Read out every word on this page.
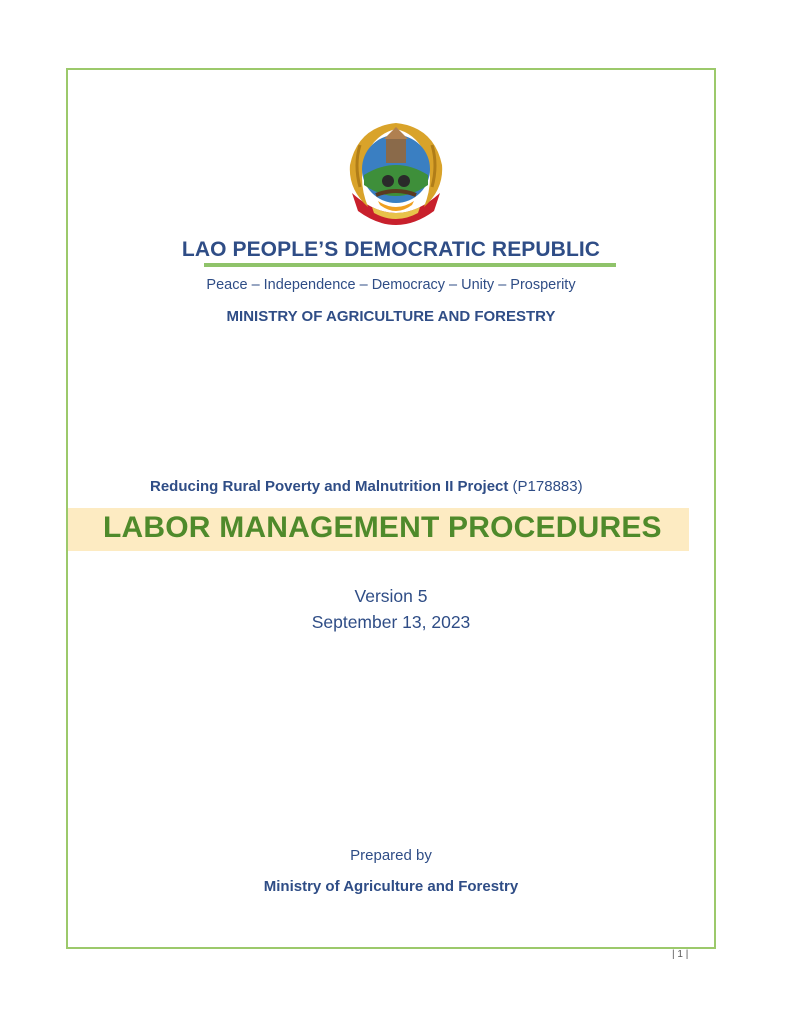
LAO PEOPLE’S DEMOCRATIC REPUBLIC

Peace – Independence – Democracy – Unity – Prosperity

MINISTRY OF AGRICULTURE AND FORESTRY

Reducing Rural Poverty and Malnutrition II Project (P178883)

LABOR MANAGEMENT PROCEDURES

Version 5

September 13, 2023

Prepared by

Ministry of Agriculture and Forestry

| 1 |
